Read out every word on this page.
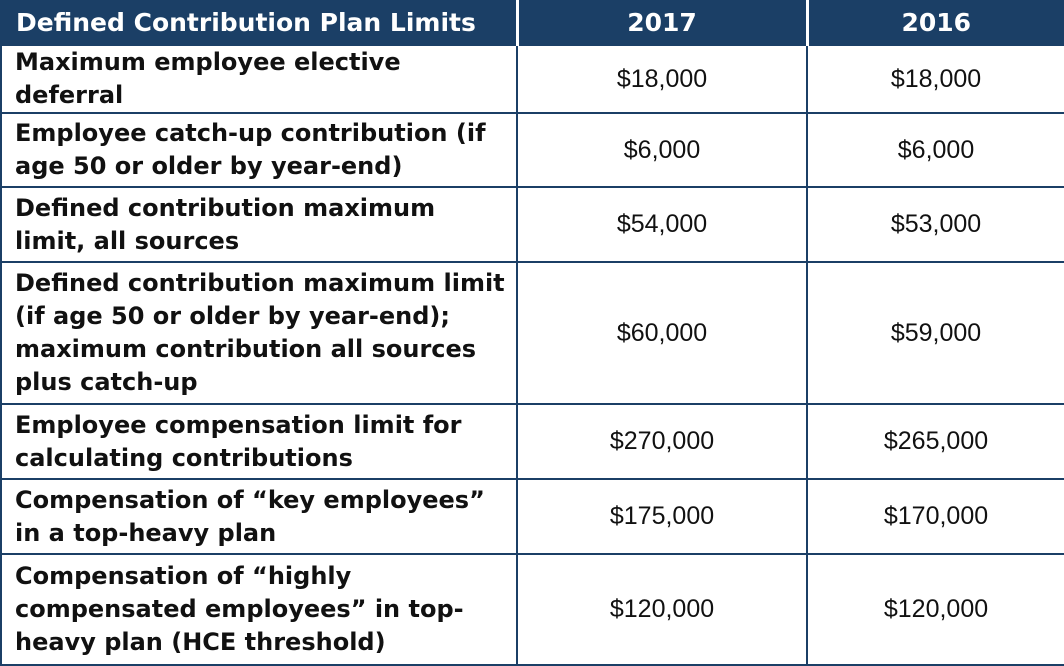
Defined Contribution Plan Limits	2017	2016
Maximum employee elective deferral	$18,000	$18,000
Employee catch-up contribution (if age 50 or older by year-end)	$6,000	$6,000
Defined contribution maximum limit, all sources	$54,000	$53,000
Defined contribution maximum limit (if age 50 or older by year-end); maximum contribution all sources plus catch-up	$60,000	$59,000
Employee compensation limit for calculating contributions	$270,000	$265,000
Compensation of “key employees” in a top-heavy plan	$175,000	$170,000
Compensation of “highly compensated employees” in top-heavy plan (HCE threshold)	$120,000	$120,000
